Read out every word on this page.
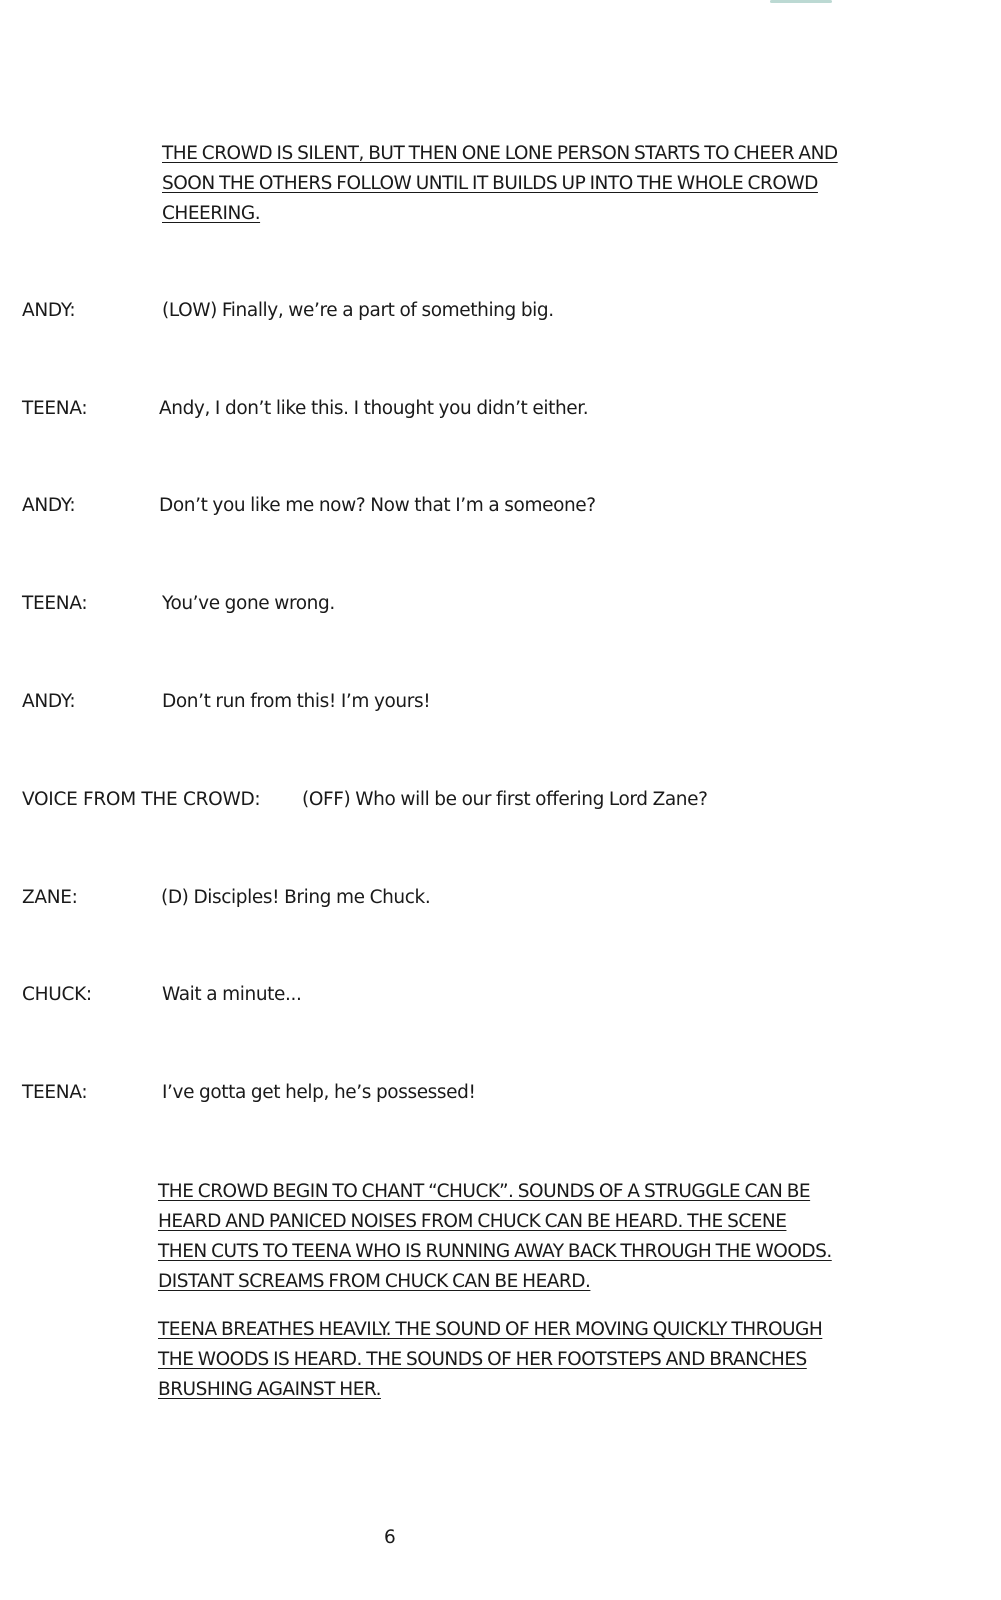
THE CROWD IS SILENT, BUT THEN ONE LONE PERSON STARTS TO CHEER AND SOON THE OTHERS FOLLOW UNTIL IT BUILDS UP INTO THE WHOLE CROWD CHEERING.

ANDY:	(LOW) Finally, we’re a part of something big.
TEENA:	Andy, I don’t like this. I thought you didn’t either.
ANDY:	Don’t you like me now? Now that I’m a someone?
TEENA:	You’ve gone wrong.
ANDY:	Don’t run from this! I’m yours!
VOICE FROM THE CROWD: (OFF) Who will be our first offering Lord Zane?
ZANE:	(D) Disciples! Bring me Chuck.
CHUCK:	Wait a minute...
TEENA:	I’ve gotta get help, he’s possessed!

THE CROWD BEGIN TO CHANT “CHUCK”. SOUNDS OF A STRUGGLE CAN BE HEARD AND PANICED NOISES FROM CHUCK CAN BE HEARD. THE SCENE THEN CUTS TO TEENA WHO IS RUNNING AWAY BACK THROUGH THE WOODS. DISTANT SCREAMS FROM CHUCK CAN BE HEARD.

TEENA BREATHES HEAVILY. THE SOUND OF HER MOVING QUICKLY THROUGH THE WOODS IS HEARD. THE SOUNDS OF HER FOOTSTEPS AND BRANCHES BRUSHING AGAINST HER.

6
